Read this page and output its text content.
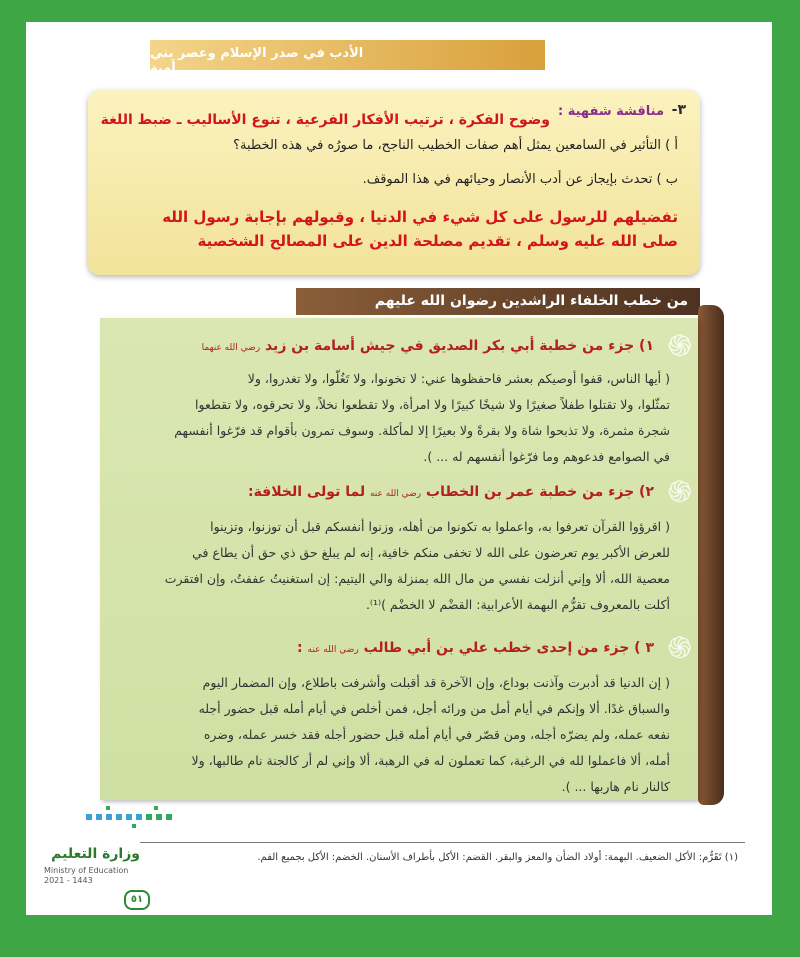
الأدب في صدر الإسلام وعصر بني أمية
٣-
مناقشة شفهية :
وضوح الفكرة ، ترتيب الأفكار الفرعية ، تنوع الأساليب ـ ضبط اللغة
أ ) التأثير في السامعين يمثل أهم صفات الخطيب الناجح، ما صورُه في هذه الخطبة؟
ب ) تحدث بإيجاز عن أدب الأنصار وحيائهم في هذا الموقف.
تفضيلهم للرسول على كل شيء في الدنيا ، وقبولهم بإجابة رسول الله
صلى الله عليه وسلم ، تقديم مصلحة الدين على المصالح الشخصية
من خطب الخلفاء الراشدين رضوان الله عليهم
֍
١) جزء من خطبة أبي بكر الصديق في جيش أسامة بن زيد رضي الله عنهما
( أيها الناس، قفوا أوصيكم بعشر فاحفظوها عني: لا تخونوا، ولا تَغُلّوا، ولا تغدروا، ولا
تمثّلوا، ولا تقتلوا طفلاً صغيرًا ولا شيخًا كبيرًا ولا امرأة، ولا تقطعوا نخلاً، ولا تحرقوه، ولا تقطعوا
شجرة مثمرة، ولا تذبحوا شاة ولا بقرةً ولا بعيرًا إلا لمأكلة. وسوف تمرون بأقوام قد فرّغوا أنفسهم
في الصوامع فدعوهم وما فرّغوا أنفسهم له ... ).
֍
٢) جزء من خطبة عمر بن الخطاب رضي الله عنه لما تولى الخلافة:
( اقرؤوا القرآن تعرفوا به، واعملوا به تكونوا من أهله، وزنوا أنفسكم قبل أن توزنوا، وتزينوا
للعرض الأكبر يوم تعرضون على الله لا تخفى منكم خافية، إنه لم يبلغ حق ذي حق أن يطاع في
معصية الله، ألا وإني أنزلت نفسي من مال الله بمنزلة والي اليتيم: إن استغنيتُ عففتُ، وإن افتقرت
أكلت بالمعروف تقرُّم البهمة الأعرابية: القضْم لا الخضْم )⁽¹⁾.
֍
٣ ) جزء من إحدى خطب علي بن أبي طالب رضي الله عنه :
( إن الدنيا قد أدبرت وآذنت بوداع، وإن الآخرة قد أقبلت وأشرفت باطلاع، وإن المضمار اليوم
والسباق غدًا. ألا وإنكم في أيام أمل من ورائه أجل، فمن أخلص في أيام أمله قبل حضور أجله
نفعه عمله، ولم يضرّه أجله، ومن قصّر في أيام أمله قبل حضور أجله فقد خسر عمله، وضره
أمله، ألا فاعملوا لله في الرغبة، كما تعملون له في الرهبة، ألا وإني لم أر كالجنة نام طالبها، ولا
كالنار نام هاربها ... ).
(١) تَقَرُّم: الأكل الضعيف. البهمة: أولاد الضأن والمعز والبقر. القضم: الأكل بأطراف الأسنان. الخضم: الأكل بجميع الفم.
وزارة التعليم
Ministry of Education
2021 - 1443
٥١
